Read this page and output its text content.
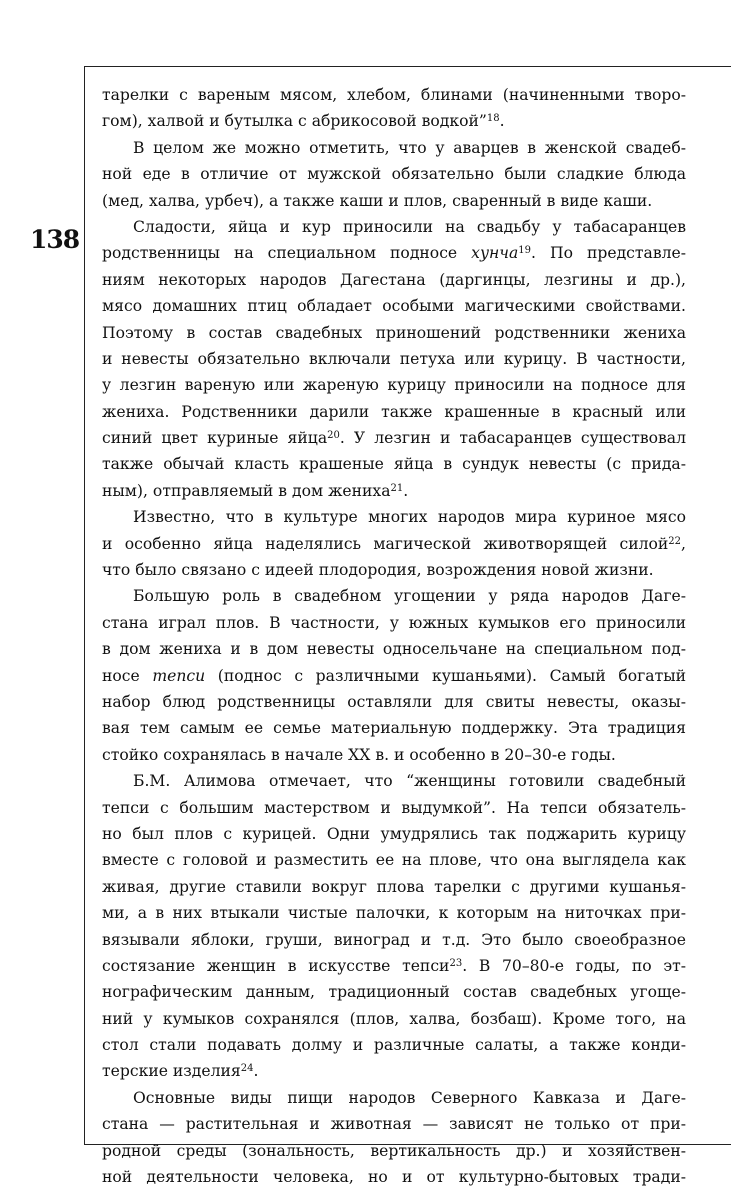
138
тарелки с вареным мясом, хлебом, блинами (начиненными творо-
гом), халвой и бутылка с абрикосовой водкой”$^{18}$.
В целом же можно отметить, что у аварцев в женской свадеб-
ной еде в отличие от мужской обязательно были сладкие блюда
(мед, халва, урбеч), а также каши и плов, сваренный в виде каши.
Сладости, яйца и кур приносили на свадьбу у табасаранцев
родственницы на специальном подносе хунча$^{19}$. По представле-
ниям некоторых народов Дагестана (даргинцы, лезгины и др.),
мясо домашних птиц обладает особыми магическими свойствами.
Поэтому в состав свадебных приношений родственники жениха
и невесты обязательно включали петуха или курицу. В частности,
у лезгин вареную или жареную курицу приносили на подносе для
жениха. Родственники дарили также крашенные в красный или
синий цвет куриные яйца$^{20}$. У лезгин и табасаранцев существовал
также обычай класть крашеные яйца в сундук невесты (с прида-
ным), отправляемый в дом жениха$^{21}$.
Известно, что в культуре многих народов мира куриное мясо
и особенно яйца наделялись магической животворящей силой$^{22}$,
что было связано с идеей плодородия, возрождения новой жизни.
Большую роль в свадебном угощении у ряда народов Даге-
стана играл плов. В частности, у южных кумыков его приносили
в дом жениха и в дом невесты односельчане на специальном под-
носе тепси (поднос с различными кушаньями). Самый богатый
набор блюд родственницы оставляли для свиты невесты, оказы-
вая тем самым ее семье материальную поддержку. Эта традиция
стойко сохранялась в начале XX в. и особенно в 20–30-е годы.
Б.М. Алимова отмечает, что “женщины готовили свадебный
тепси с большим мастерством и выдумкой”. На тепси обязатель-
но был плов с курицей. Одни умудрялись так поджарить курицу
вместе с головой и разместить ее на плове, что она выглядела как
живая, другие ставили вокруг плова тарелки с другими кушанья-
ми, а в них втыкали чистые палочки, к которым на ниточках при-
вязывали яблоки, груши, виноград и т.д. Это было своеобразное
состязание женщин в искусстве тепси$^{23}$. В 70–80-е годы, по эт-
нографическим данным, традиционный состав свадебных угоще-
ний у кумыков сохранялся (плов, халва, бозбаш). Кроме того, на
стол стали подавать долму и различные салаты, а также конди-
терские изделия$^{24}$.
Основные виды пищи народов Северного Кавказа и Даге-
стана — растительная и животная — зависят не только от при-
родной среды (зональность, вертикальность др.) и хозяйствен-
ной деятельности человека, но и от культурно-бытовых тради-
